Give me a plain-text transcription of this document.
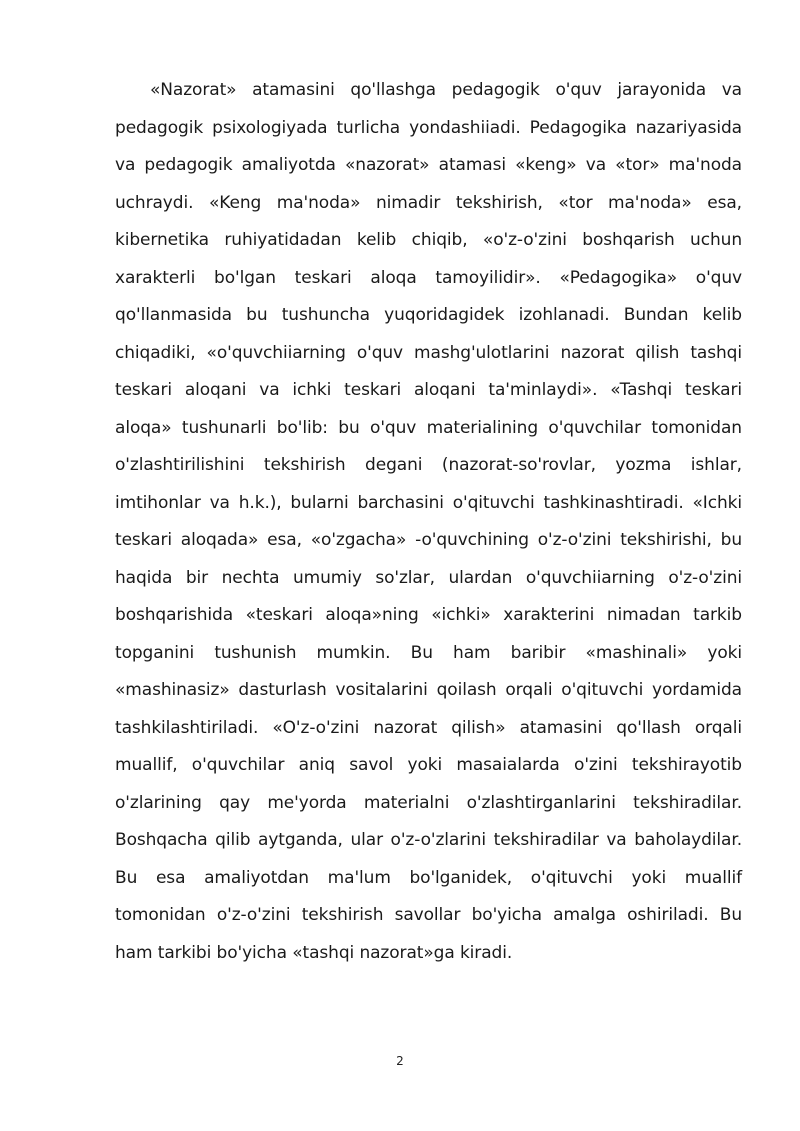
«Nazorat» atamasini qo'llashga pedagogik o'quv jarayonida va pedagogik psixologiyada turlicha yondashiiadi. Pedagogika nazariyasida va pedagogik amaliyotda «nazorat» atamasi «keng» va «tor» ma'noda uchraydi. «Keng ma'noda» nimadir tekshirish, «tor ma'noda» esa, kibernetika ruhiyatidadan kelib chiqib, «o'z-o'zini boshqarish uchun xarakterli bo'lgan teskari aloqa tamoyilidir». «Pedagogika» o'quv qo'llanmasida bu tushuncha yuqoridagidek izohlanadi. Bundan kelib chiqadiki, «o'quvchiiarning o'quv mashg'ulotlarini nazorat qilish tashqi teskari aloqani va ichki teskari aloqani ta'minlaydi». «Tashqi teskari aloqa» tushunarli bo'lib: bu o'quv materialining o'quvchilar tomonidan o'zlashtirilishini tekshirish degani (nazorat-so'rovlar, yozma ishlar, imtihonlar va h.k.), bularni barchasini o'qituvchi tashkinashtiradi. «Ichki teskari aloqada» esa, «o'zgacha» -o'quvchining o'z-o'zini tekshirishi, bu haqida bir nechta umumiy so'zlar, ulardan o'quvchiiarning o'z-o'zini boshqarishida «teskari aloqa»ning «ichki» xarakterini nimadan tarkib topganini tushunish mumkin. Bu ham baribir «mashinali» yoki «mashinasiz» dasturlash vositalarini qoilash orqali o'qituvchi yordamida tashkilashtiriladi. «O'z-o'zini nazorat qilish» atamasini qo'llash orqali muallif, o'quvchilar aniq savol yoki masaialarda o'zini tekshirayotib o'zlarining qay me'yorda materialni o'zlashtirganlarini tekshiradilar. Boshqacha qilib aytganda, ular o'z-o'zlarini tekshiradilar va baholaydilar. Bu esa amaliyotdan ma'lum bo'lganidek, o'qituvchi yoki muallif tomonidan o'z-o'zini tekshirish savollar bo'yicha amalga oshiriladi. Bu ham tarkibi bo'yicha «tashqi nazorat»ga kiradi.

2
